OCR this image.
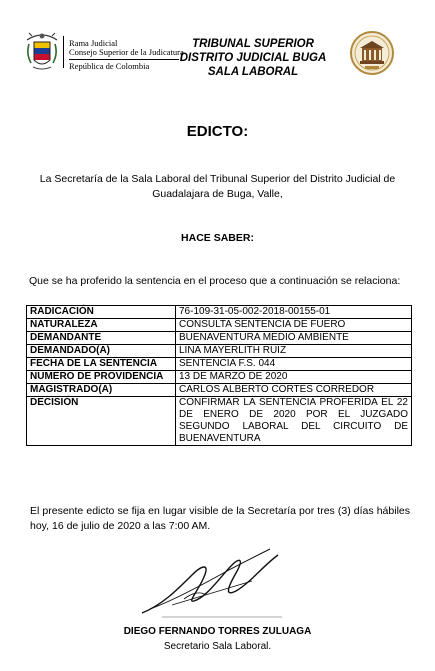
Rama Judicial
Consejo Superior de la Judicatura
República de Colombia
TRIBUNAL SUPERIOR
DISTRITO JUDICIAL BUGA
SALA LABORAL
EDICTO:
La Secretaría de la Sala Laboral del Tribunal Superior del Distrito Judicial de Guadalajara de Buga, Valle,
HACE SABER:
Que se ha proferido la sentencia en el proceso que a continuación se relaciona:
RADICACIÓN	76-109-31-05-002-2018-00155-01
NATURALEZA	CONSULTA SENTENCIA DE FUERO
DEMANDANTE	BUENAVENTURA MEDIO AMBIENTE
DEMANDADO(A)	LINA MAYERLITH RUIZ
FECHA DE LA SENTENCIA	SENTENCIA F.S. 044
NUMERO DE PROVIDENCIA	13 DE MARZO DE 2020
MAGISTRADO(A)	CARLOS ALBERTO CORTES CORREDOR
DECISIÓN	CONFIRMAR LA SENTENCIA PROFERIDA EL 22 DE ENERO DE 2020 POR EL JUZGADO SEGUNDO LABORAL DEL CIRCUITO DE BUENAVENTURA
El presente edicto se fija en lugar visible de la Secretaría por tres (3) días hábiles hoy, 16 de julio de 2020 a las 7:00 AM.
DIEGO FERNANDO TORRES ZULUAGA
Secretario Sala Laboral.
